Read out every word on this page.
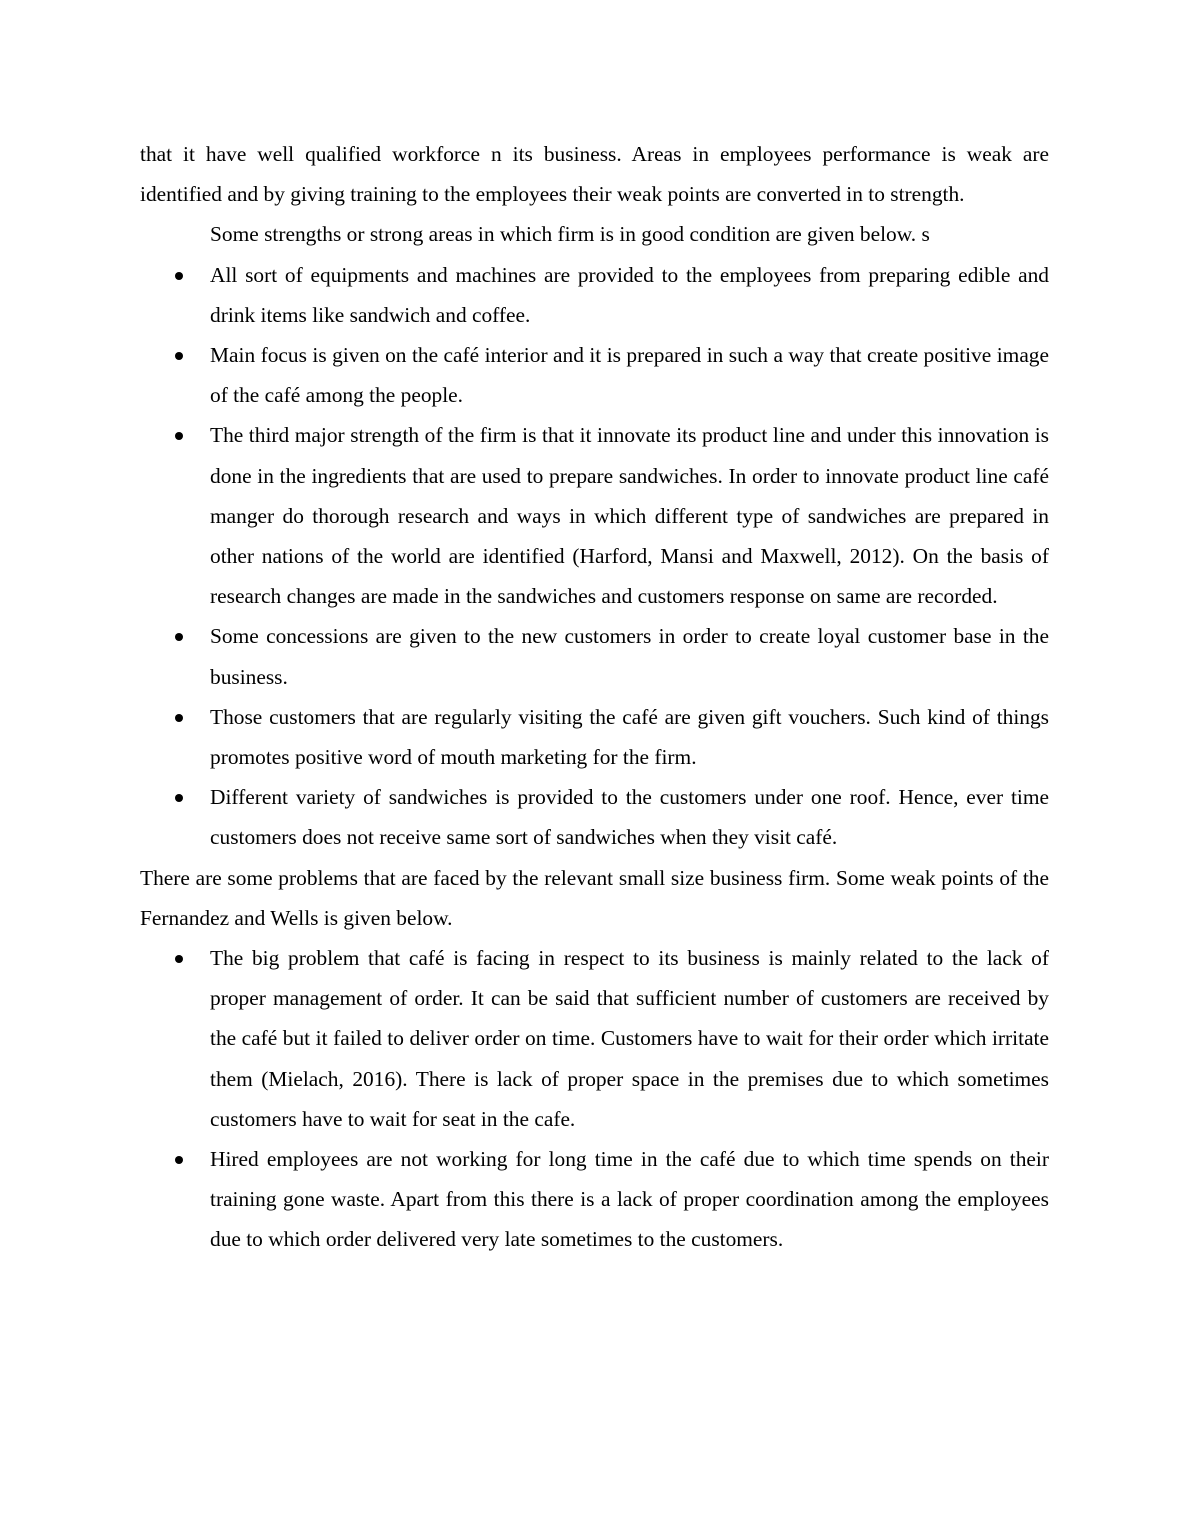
that it have well qualified workforce n its business. Areas in employees performance is weak are identified and by giving training to the employees their weak points are converted in to strength.

Some strengths or strong areas in which firm is in good condition are given below. s

All sort of equipments and machines are provided to the employees from preparing edible and drink items like sandwich and coffee.
Main focus is given on the café interior and it is prepared in such a way that create positive image of the café among the people.
The third major strength of the firm is that it innovate its product line and under this innovation is done in the ingredients that are used to prepare sandwiches. In order to innovate product line café manger do thorough research and ways in which different type of sandwiches are prepared in other nations of the world are identified (Harford, Mansi and Maxwell, 2012). On the basis of research changes are made in the sandwiches and customers response on same are recorded.
Some concessions are given to the new customers in order to create loyal customer base in the business.
Those customers that are regularly visiting the café are given gift vouchers. Such kind of things promotes positive word of mouth marketing for the firm.
Different variety of sandwiches is provided to the customers under one roof. Hence, ever time customers does not receive same sort of sandwiches when they visit café.

There are some problems that are faced by the relevant small size business firm. Some weak points of the Fernandez and Wells is given below.

The big problem that café is facing in respect to its business is mainly related to the lack of proper management of order. It can be said that sufficient number of customers are received by the café but it failed to deliver order on time. Customers have to wait for their order which irritate them (Mielach, 2016). There is lack of proper space in the premises due to which sometimes customers have to wait for seat in the cafe.
Hired employees are not working for long time in the café due to which time spends on their training gone waste. Apart from this there is a lack of proper coordination among the employees due to which order delivered very late sometimes to the customers.
